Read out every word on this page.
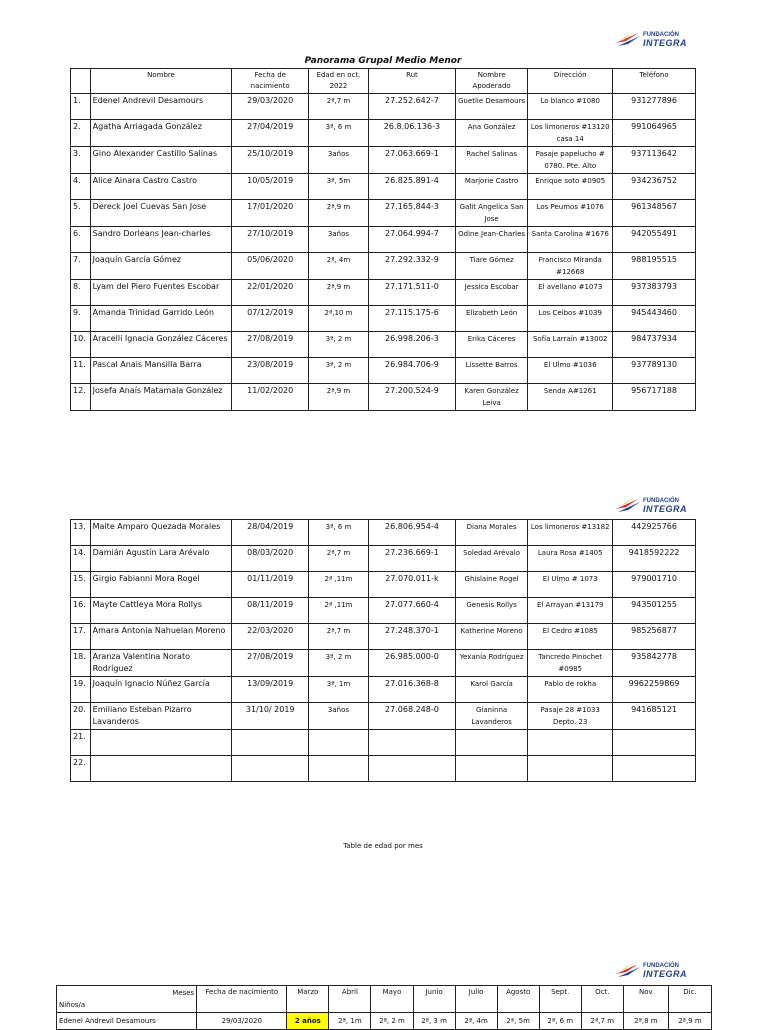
FUNDACIÓN
INTEGRA
Panorama Grupal Medio Menor
	Nombre	Fecha de nacimiento	Edad en oct. 2022	Rut	Nombre Apoderado	Dirección	Teléfono
1.	Edenel Andrevil Desamours	29/03/2020	2ª,7 m	27.252.642-7	Guetlie Desamours	Lo blanco #1080	931277896
2.	Agatha Arriagada González	27/04/2019	3ª, 6 m	26.8.06.136-3	Ana González	Los limoneros #13120 casa 14	991064965
3.	Gino Alexander Castillo Salinas	25/10/2019	3años	27.063.669-1	Rachel Salinas	Pasaje papelucho # 0780. Pte. Alto	937113642
4.	Alice Ainara Castro Castro	10/05/2019	3ª, 5m	26.825.891-4	Marjorie Castro	Enrique soto #0905	934236752
5.	Dereck Joel Cuevas San Jose	17/01/2020	2ª,9 m	27.165.844-3	Galit Angelica San Jose	Los Peumos #1076	961348567
6.	Sandro Dorleans Jean-charles	27/10/2019	3años	27.064.994-7	Odine Jean-Charles	Santa Carolina #1676	942055491
7.	Joaquín García Gómez	05/06/2020	2ª, 4m	27.292.332-9	Tiare Gómez	Francisco Miranda #12668	988195515
8.	Lyam del Piero Fuentes Escobar	22/01/2020	2ª,9 m	27.171.511-0	Jessica Escobar	El avellano #1073	937383793
9.	Amanda Trinidad Garrido León	07/12/2019	2ª,10 m	27.115.175-6	Elizabeth León	Los Ceibos #1039	945443460
10.	Aracelli Ignacia González Cáceres	27/08/2019	3ª, 2 m	26.998.206-3	Erika Cáceres	Sofía Larraín #13002	984737934
11.	Pascal Anais Mansilla Barra	23/08/2019	3ª, 2 m	26.984.706-9	Lissette Barros	El Ulmo #1036	937789130
12.	Josefa Anaís Matamala González	11/02/2020	2ª,9 m	27.200.524-9	Karen González Leiva	Senda A#1261	956717188
FUNDACIÓN
INTEGRA
13.	Maite Amparo Quezada Morales	28/04/2019	3ª, 6 m	26.806.954-4	Diana Morales	Los limoneros #13182	442925766
14.	Damián Agustín Lara Arévalo	08/03/2020	2ª,7 m	27.236.669-1	Soledad Arévalo	Laura Rosa #1405	9418592222
15.	Girgio Fabianni Mora Rogel	01/11/2019	2ª ,11m	27.070.011-k	Ghislaine Rogel	El Ulmo # 1073	979001710
16.	Mayte Cattleya Mora Rollys	08/11/2019	2ª ,11m	27.077.660-4	Genesis Rollys	El Arrayan #13179	943501255
17.	Amara Antonia Nahuelan Moreno	22/03/2020	2ª,7 m	27.248.370-1	Katherine Moreno	El Cedro #1085	985256877
18.	Aranza Valentina Norato Rodríguez	27/08/2019	3ª, 2 m	26.985.000-0	Yexania Rodríguez	Tancredo Pinochet #0985	935842778
19.	Joaquín Ignacio Núñez García	13/09/2019	3ª, 1m	27.016.368-8	Karol García	Pablo de rokha	9962259869
20.	Emiliano Esteban Pizarro Lavanderos	31/10/ 2019	3años	27.068.248-0	Gianinna Lavanderos	Pasaje 28 #1033 Depto. 23	941685121
21.							
22.							
Table de edad por mes
FUNDACIÓN
INTEGRA
Meses
Niños/a	Fecha de nacimiento	Marzo	Abril	Mayo	Junio	Julio	Agosto	Sept.	Oct.	Nov	Dic.
Edenel Andrevil Desamours	29/03/2020	2 años	2ª, 1m	2ª, 2 m	2ª, 3 m	2ª, 4m	2ª, 5m	2ª, 6 m	2ª,7 m	2ª,8 m	2ª,9 m
